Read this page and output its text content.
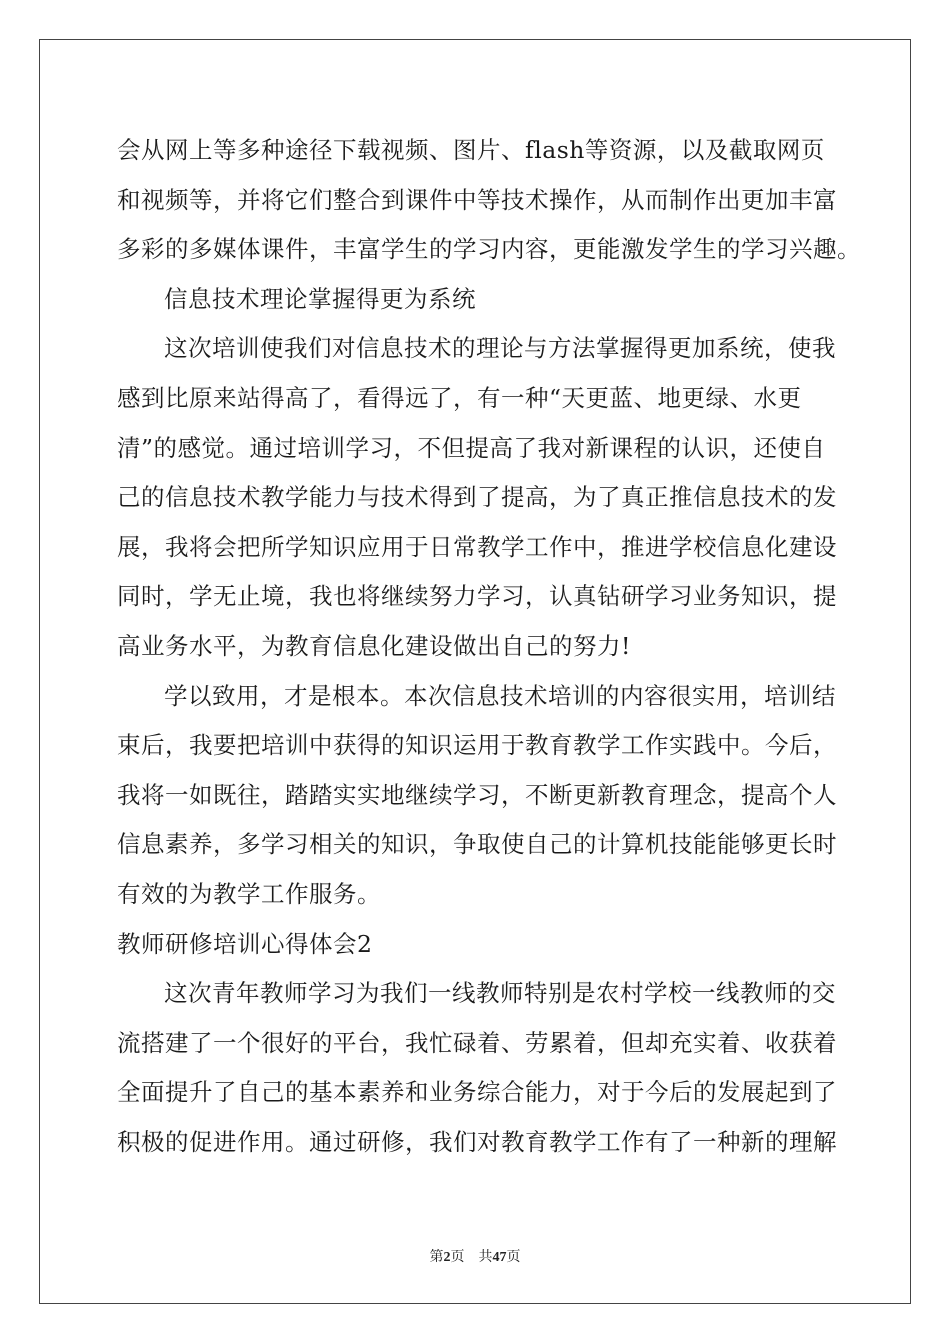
会从网上等多种途径下载视频、图片、flash等资源，以及截取网页
和视频等，并将它们整合到课件中等技术操作，从而制作出更加丰富
多彩的多媒体课件，丰富学生的学习内容，更能激发学生的学习兴趣。
信息技术理论掌握得更为系统
这次培训使我们对信息技术的理论与方法掌握得更加系统，使我
感到比原来站得高了，看得远了，有一种“天更蓝、地更绿、水更
清”的感觉。通过培训学习，不但提高了我对新课程的认识，还使自
己的信息技术教学能力与技术得到了提高，为了真正推信息技术的发
展，我将会把所学知识应用于日常教学工作中，推进学校信息化建设
同时，学无止境，我也将继续努力学习，认真钻研学习业务知识，提
高业务水平，为教育信息化建设做出自己的努力!
学以致用，才是根本。本次信息技术培训的内容很实用，培训结
束后，我要把培训中获得的知识运用于教育教学工作实践中。今后，
我将一如既往，踏踏实实地继续学习，不断更新教育理念，提高个人
信息素养，多学习相关的知识，争取使自己的计算机技能能够更长时
有效的为教学工作服务。
教师研修培训心得体会2
这次青年教师学习为我们一线教师特别是农村学校一线教师的交
流搭建了一个很好的平台，我忙碌着、劳累着，但却充实着、收获着
全面提升了自己的基本素养和业务综合能力，对于今后的发展起到了
积极的促进作用。通过研修，我们对教育教学工作有了一种新的理解
第2页 共47页
